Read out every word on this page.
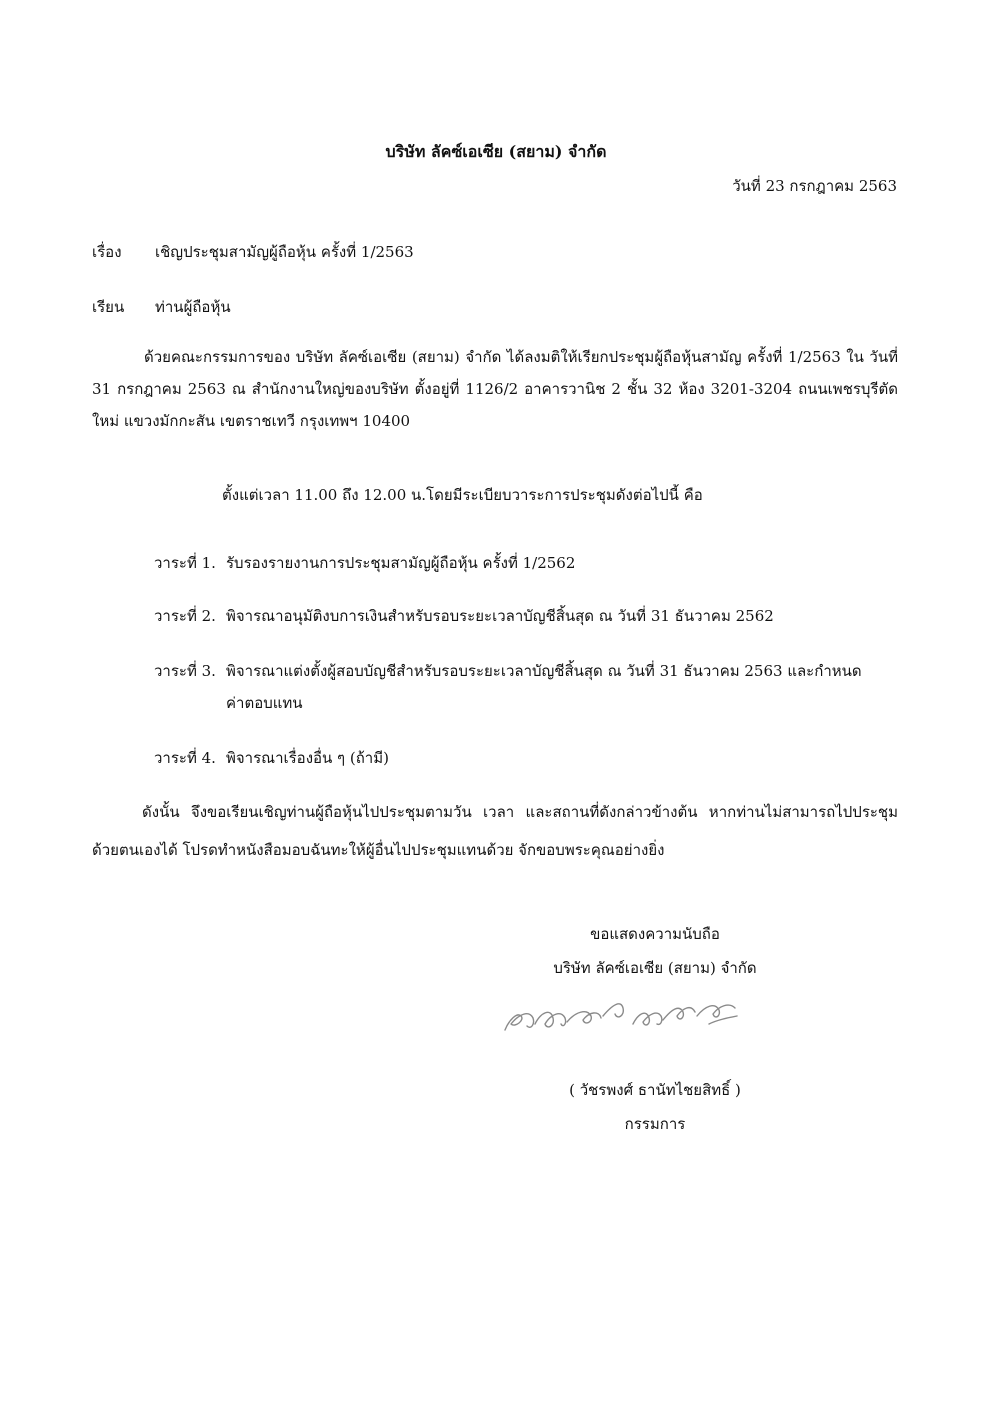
บริษัท ลัคซ์เอเซีย (สยาม) จำกัด
วันที่ 23 กรกฎาคม 2563
เรื่อง เชิญประชุมสามัญผู้ถือหุ้น ครั้งที่ 1/2563
เรียน ท่านผู้ถือหุ้น
ด้วยคณะกรรมการของ บริษัท ลัคซ์เอเซีย (สยาม) จำกัด ได้ลงมติให้เรียกประชุมผู้ถือหุ้นสามัญ ครั้งที่ 1/2563 ใน วันที่ 31 กรกฎาคม 2563 ณ สำนักงานใหญ่ของบริษัท ตั้งอยู่ที่ 1126/2 อาคารวานิช 2 ชั้น 32 ห้อง 3201-3204 ถนนเพชรบุรีตัดใหม่ แขวงมักกะสัน เขตราชเทวี กรุงเทพฯ 10400
ตั้งแต่เวลา 11.00 ถึง 12.00 น.โดยมีระเบียบวาระการประชุมดังต่อไปนี้ คือ
วาระที่ 1. รับรองรายงานการประชุมสามัญผู้ถือหุ้น ครั้งที่ 1/2562
วาระที่ 2. พิจารณาอนุมัติงบการเงินสำหรับรอบระยะเวลาบัญชีสิ้นสุด ณ วันที่ 31 ธันวาคม 2562
วาระที่ 3. พิจารณาแต่งตั้งผู้สอบบัญชีสำหรับรอบระยะเวลาบัญชีสิ้นสุด ณ วันที่ 31 ธันวาคม 2563 และกำหนด
ค่าตอบแทน
วาระที่ 4. พิจารณาเรื่องอื่น ๆ (ถ้ามี)
ดังนั้น จึงขอเรียนเชิญท่านผู้ถือหุ้นไปประชุมตามวัน เวลา และสถานที่ดังกล่าวข้างต้น หากท่านไม่สามารถไปประชุมด้วยตนเองได้ โปรดทำหนังสือมอบฉันทะให้ผู้อื่นไปประชุมแทนด้วย จักขอบพระคุณอย่างยิ่ง
ขอแสดงความนับถือ
บริษัท ลัคซ์เอเซีย (สยาม) จำกัด
( วัชรพงศ์ ธานัทไชยสิทธิ์ )
กรรมการ
